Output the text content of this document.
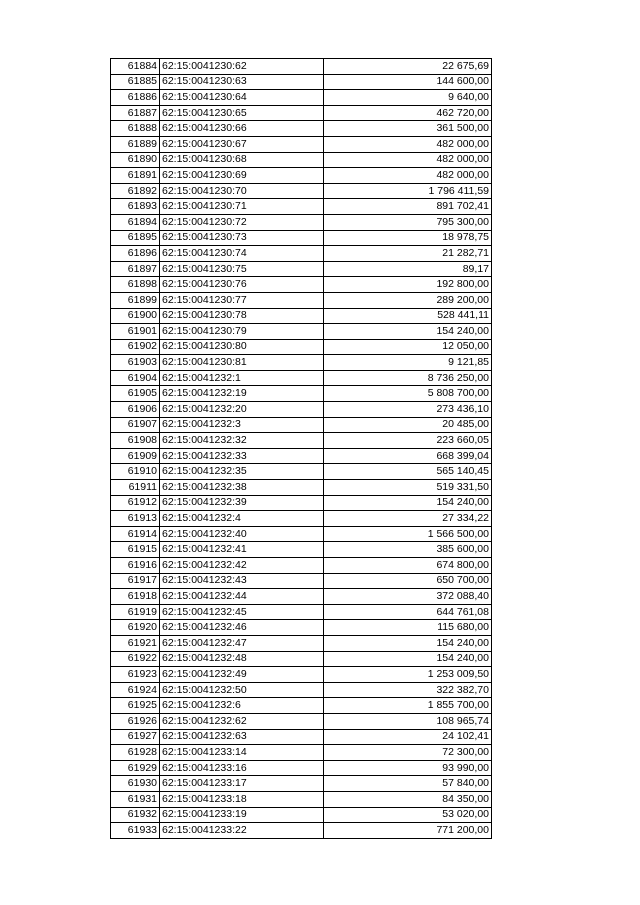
61884	62:15:0041230:62	22 675,69
61885	62:15:0041230:63	144 600,00
61886	62:15:0041230:64	9 640,00
61887	62:15:0041230:65	462 720,00
61888	62:15:0041230:66	361 500,00
61889	62:15:0041230:67	482 000,00
61890	62:15:0041230:68	482 000,00
61891	62:15:0041230:69	482 000,00
61892	62:15:0041230:70	1 796 411,59
61893	62:15:0041230:71	891 702,41
61894	62:15:0041230:72	795 300,00
61895	62:15:0041230:73	18 978,75
61896	62:15:0041230:74	21 282,71
61897	62:15:0041230:75	89,17
61898	62:15:0041230:76	192 800,00
61899	62:15:0041230:77	289 200,00
61900	62:15:0041230:78	528 441,11
61901	62:15:0041230:79	154 240,00
61902	62:15:0041230:80	12 050,00
61903	62:15:0041230:81	9 121,85
61904	62:15:0041232:1	8 736 250,00
61905	62:15:0041232:19	5 808 700,00
61906	62:15:0041232:20	273 436,10
61907	62:15:0041232:3	20 485,00
61908	62:15:0041232:32	223 660,05
61909	62:15:0041232:33	668 399,04
61910	62:15:0041232:35	565 140,45
61911	62:15:0041232:38	519 331,50
61912	62:15:0041232:39	154 240,00
61913	62:15:0041232:4	27 334,22
61914	62:15:0041232:40	1 566 500,00
61915	62:15:0041232:41	385 600,00
61916	62:15:0041232:42	674 800,00
61917	62:15:0041232:43	650 700,00
61918	62:15:0041232:44	372 088,40
61919	62:15:0041232:45	644 761,08
61920	62:15:0041232:46	115 680,00
61921	62:15:0041232:47	154 240,00
61922	62:15:0041232:48	154 240,00
61923	62:15:0041232:49	1 253 009,50
61924	62:15:0041232:50	322 382,70
61925	62:15:0041232:6	1 855 700,00
61926	62:15:0041232:62	108 965,74
61927	62:15:0041232:63	24 102,41
61928	62:15:0041233:14	72 300,00
61929	62:15:0041233:16	93 990,00
61930	62:15:0041233:17	57 840,00
61931	62:15:0041233:18	84 350,00
61932	62:15:0041233:19	53 020,00
61933	62:15:0041233:22	771 200,00
